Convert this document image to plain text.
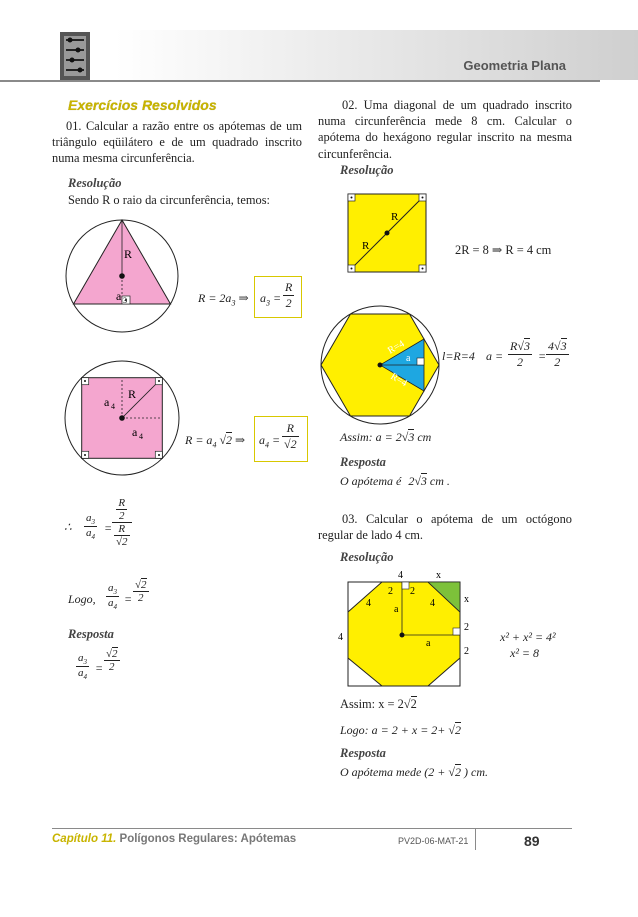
Geometria Plana
Exercícios Resolvidos
01. Calcular a razão entre os apótemas de um triângulo eqüilátero e de um quadrado inscrito numa mesma circunferência.
Resolução
Sendo R o raio da circunferência, temos:
R
a 3	$R = 2a_3$ ⇒ $a_3 = \frac{R}{2}$
R
a 4
a 4	$R = a_4$ √2 ⇒ $a_4 = \frac{R}{√2}$
∴ $\frac{a_3}{a_4} = \frac{\frac{R}{2}}{\frac{R}{√2}}$
Logo, $\frac{a_3}{a_4} = \frac{√2}{2}$
Resposta
$\frac{a_3}{a_4} = \frac{√2}{2}$
02. Uma diagonal de um quadrado inscrito numa circunferência mede 8 cm. Calcular o apótema do hexágono regular inscrito na mesma circunferência.
Resolução
R
R	2R = 8 ⇒ R = 4 cm
R=4
R=4
a	l=R=4 $a = \frac{R√3}{2} = \frac{4√3}{2}$
Assim: a = 2√3 cm
Resposta
O apótema é 2√3 cm .
03. Calcular o apótema de um octógono regular de lado 4 cm.
Resolução
4	x
2 2
4	4
a
x
4
a
2
2
x² + x² = 4²
x² = 8
Assim: x = 2√2
Logo: a = 2 + x = 2+ √2
Resposta
O apótema mede (2 + √2 ) cm.
Capítulo 11. Polígonos Regulares: Apótemas	PV2D-06-MAT-21	89
